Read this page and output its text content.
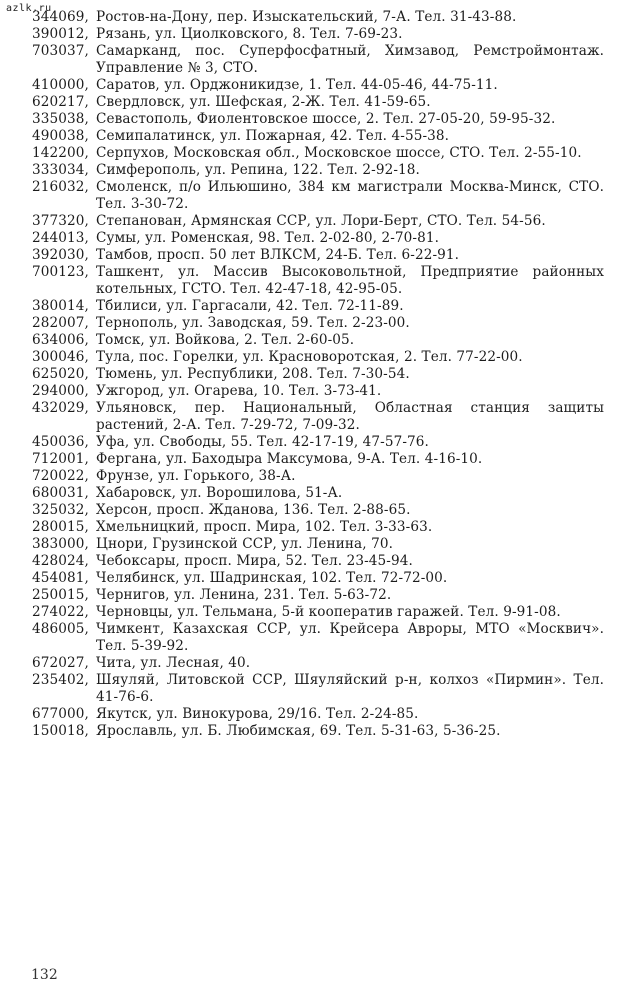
azlk.ru
344069, Ростов-на-Дону, пер. Изыскательский, 7-А. Тел. 31-43-88.
390012, Рязань, ул. Циолковского, 8. Тел. 7-69-23.
703037, Самарканд, пос. Суперфосфатный, Химзавод, Ремстроймонтаж. Управление № 3, СТО.
410000, Саратов, ул. Орджоникидзе, 1. Тел. 44-05-46, 44-75-11.
620217, Свердловск, ул. Шефская, 2-Ж. Тел. 41-59-65.
335038, Севастополь, Фиолентовское шоссе, 2. Тел. 27-05-20, 59-95-32.
490038, Семипалатинск, ул. Пожарная, 42. Тел. 4-55-38.
142200, Серпухов, Московская обл., Московское шоссе, СТО. Тел. 2-55-10.
333034, Симферополь, ул. Репина, 122. Тел. 2-92-18.
216032, Смоленск, п/о Ильюшино, 384 км магистрали Москва-Минск, СТО. Тел. 3-30-72.
377320, Степанован, Армянская ССР, ул. Лори-Берт, СТО. Тел. 54-56.
244013, Сумы, ул. Роменская, 98. Тел. 2-02-80, 2-70-81.
392030, Тамбов, просп. 50 лет ВЛКСМ, 24-Б. Тел. 6-22-91.
700123, Ташкент, ул. Массив Высоковольтной, Предприятие районных котельных, ГСТО. Тел. 42-47-18, 42-95-05.
380014, Тбилиси, ул. Гаргасали, 42. Тел. 72-11-89.
282007, Тернополь, ул. Заводская, 59. Тел. 2-23-00.
634006, Томск, ул. Войкова, 2. Тел. 2-60-05.
300046, Тула, пос. Горелки, ул. Красноворотская, 2. Тел. 77-22-00.
625020, Тюмень, ул. Республики, 208. Тел. 7-30-54.
294000, Ужгород, ул. Огарева, 10. Тел. 3-73-41.
432029, Ульяновск, пер. Национальный, Областная станция защиты растений, 2-А. Тел. 7-29-72, 7-09-32.
450036, Уфа, ул. Свободы, 55. Тел. 42-17-19, 47-57-76.
712001, Фергана, ул. Баходыра Максумова, 9-А. Тел. 4-16-10.
720022, Фрунзе, ул. Горького, 38-А.
680031, Хабаровск, ул. Ворошилова, 51-А.
325032, Херсон, просп. Жданова, 136. Тел. 2-88-65.
280015, Хмельницкий, просп. Мира, 102. Тел. 3-33-63.
383000, Цнори, Грузинской ССР, ул. Ленина, 70.
428024, Чебоксары, просп. Мира, 52. Тел. 23-45-94.
454081, Челябинск, ул. Шадринская, 102. Тел. 72-72-00.
250015, Чернигов, ул. Ленина, 231. Тел. 5-63-72.
274022, Черновцы, ул. Тельмана, 5-й кооператив гаражей. Тел. 9-91-08.
486005, Чимкент, Казахская ССР, ул. Крейсера Авроры, МТО «Москвич». Тел. 5-39-92.
672027, Чита, ул. Лесная, 40.
235402, Шяуляй, Литовской ССР, Шяуляйский р-н, колхоз «Пирмин». Тел. 41-76-6.
677000, Якутск, ул. Винокурова, 29/16. Тел. 2-24-85.
150018, Ярославль, ул. Б. Любимская, 69. Тел. 5-31-63, 5-36-25.
132
